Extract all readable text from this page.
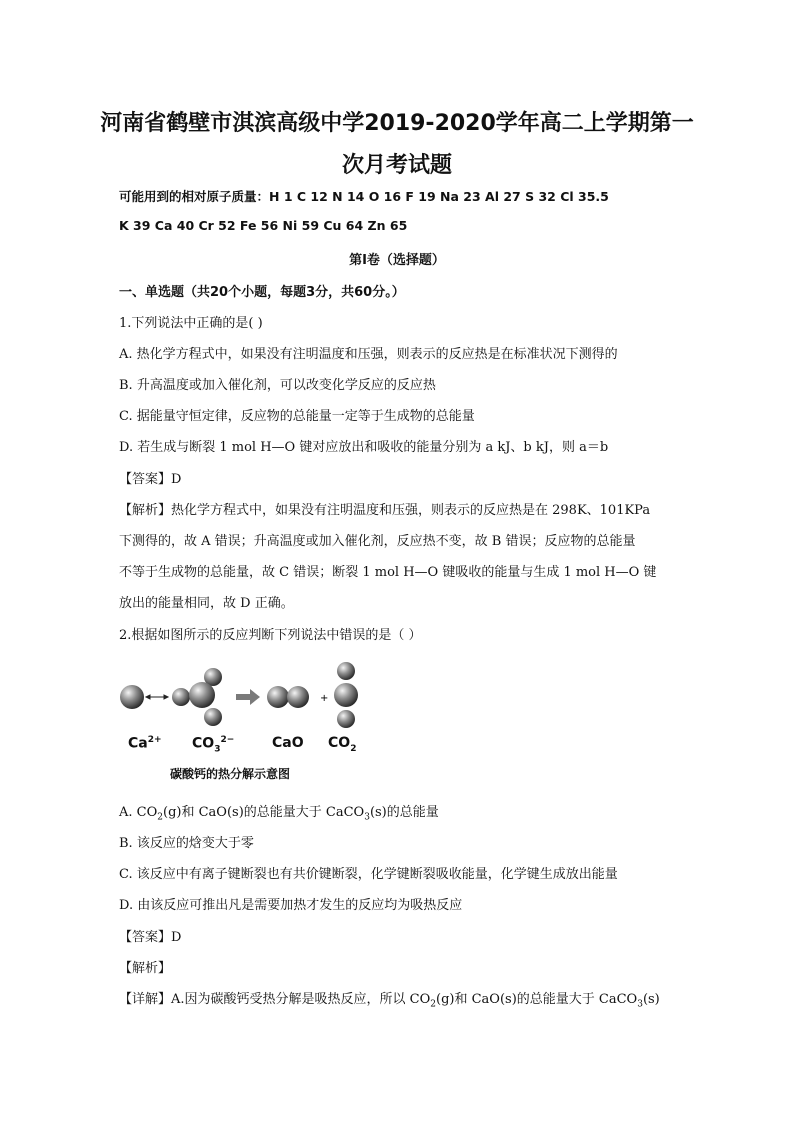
河南省鹤壁市淇滨高级中学2019-2020学年高二上学期第一
次月考试题
可能用到的相对原子质量：H 1 C 12 N 14 O 16 F 19 Na 23 Al 27 S 32 Cl 35.5
K 39 Ca 40 Cr 52 Fe 56 Ni 59 Cu 64 Zn 65
第Ⅰ卷（选择题）
一、单选题（共20个小题，每题3分，共60分。）
1.下列说法中正确的是( )
A. 热化学方程式中，如果没有注明温度和压强，则表示的反应热是在标准状况下测得的
B. 升高温度或加入催化剂，可以改变化学反应的反应热
C. 据能量守恒定律，反应物的总能量一定等于生成物的总能量
D. 若生成与断裂 1 mol H—O 键对应放出和吸收的能量分别为 a kJ、b kJ，则 a＝b
【答案】D
【解析】热化学方程式中，如果没有注明温度和压强，则表示的反应热是在 298K、101KPa
下测得的，故 A 错误；升高温度或加入催化剂，反应热不变，故 B 错误；反应物的总能量
不等于生成物的总能量，故 C 错误；断裂 1 mol H—O 键吸收的能量与生成 1 mol H—O 键
放出的能量相同，故 D 正确。
2.根据如图所示的反应判断下列说法中错误的是（ ）
+
$Ca^{2+}$ $CO_3^{2-}$	CaO $CO_2$
碳酸钙的热分解示意图
A. $CO_2(g)$和 CaO(s)的总能量大于 CaCO$_3$(s)的总能量
B. 该反应的焓变大于零
C. 该反应中有离子键断裂也有共价键断裂，化学键断裂吸收能量，化学键生成放出能量
D. 由该反应可推出凡是需要加热才发生的反应均为吸热反应
【答案】D
【解析】
【详解】A.因为碳酸钙受热分解是吸热反应，所以 $CO_2(g)$和 CaO(s)的总能量大于 CaCO$_3$(s)
